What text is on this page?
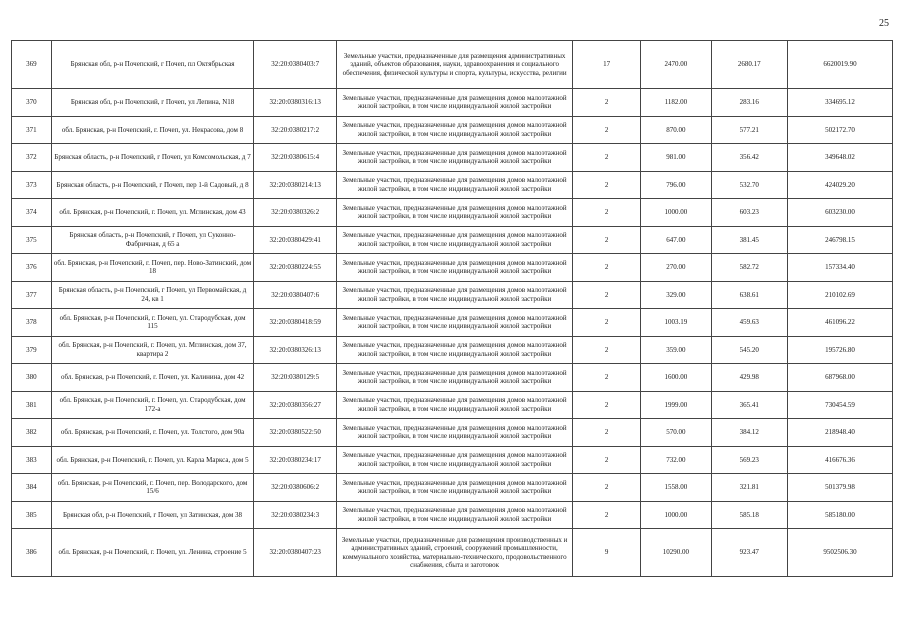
25
369	Брянская обл, р-н Почепский, г Почеп, пл Октябрьская	32:20:0380403:7	Земельные участки, предназначенные для размещения административных зданий, объектов образования, науки, здравоохранения и социального обеспечения, физической культуры и спорта, культуры, искусства, религии	17	2470.00	2680.17	6620019.90
370	Брянская обл, р-н Почепский, г Почеп, ул Лепина, N18	32:20:0380316:13	Земельные участки, предназначенные для размещения домов малоэтажной жилой застройки, в том числе индивидуальной жилой застройки	2	1182.00	283.16	334695.12
371	обл. Брянская, р-н Почепский, г. Почеп, ул. Некрасова, дом 8	32:20:0380217:2	Земельные участки, предназначенные для размещения домов малоэтажной жилой застройки, в том числе индивидуальной жилой застройки	2	870.00	577.21	502172.70
372	Брянская область, р-н Почепский, г Почеп, ул Комсомольская, д 7	32:20:0380615:4	Земельные участки, предназначенные для размещения домов малоэтажной жилой застройки, в том числе индивидуальной жилой застройки	2	981.00	356.42	349648.02
373	Брянская область, р-н Почепский, г Почеп, пер 1-й Садовый, д 8	32:20:0380214:13	Земельные участки, предназначенные для размещения домов малоэтажной жилой застройки, в том числе индивидуальной жилой застройки	2	796.00	532.70	424029.20
374	обл. Брянская, р-н Почепский, г. Почеп, ул. Мглинская, дом 43	32:20:0380326:2	Земельные участки, предназначенные для размещения домов малоэтажной жилой застройки, в том числе индивидуальной жилой застройки	2	1000.00	603.23	603230.00
375	Брянская область, р-н Почепский, г Почеп, ул Суконно-Фабричная, д 65 а	32:20:0380429:41	Земельные участки, предназначенные для размещения домов малоэтажной жилой застройки, в том числе индивидуальной жилой застройки	2	647.00	381.45	246798.15
376	обл. Брянская, р-н Почепский, г. Почеп, пер. Ново-Затинский, дом 18	32:20:0380224:55	Земельные участки, предназначенные для размещения домов малоэтажной жилой застройки, в том числе индивидуальной жилой застройки	2	270.00	582.72	157334.40
377	Брянская область, р-н Почепский, г Почеп, ул Первомайская, д 24, кв 1	32:20:0380407:6	Земельные участки, предназначенные для размещения домов малоэтажной жилой застройки, в том числе индивидуальной жилой застройки	2	329.00	638.61	210102.69
378	обл. Брянская, р-н Почепский, г. Почеп, ул. Стародубская, дом 115	32:20:0380418:59	Земельные участки, предназначенные для размещения домов малоэтажной жилой застройки, в том числе индивидуальной жилой застройки	2	1003.19	459.63	461096.22
379	обл. Брянская, р-н Почепский, г. Почеп, ул. Мглинская, дом 37, квартира 2	32:20:0380326:13	Земельные участки, предназначенные для размещения домов малоэтажной жилой застройки, в том числе индивидуальной жилой застройки	2	359.00	545.20	195726.80
380	обл. Брянская, р-н Почепский, г. Почеп, ул. Калинина, дом 42	32:20:0380129:5	Земельные участки, предназначенные для размещения домов малоэтажной жилой застройки, в том числе индивидуальной жилой застройки	2	1600.00	429.98	687968.00
381	обл. Брянская, р-н Почепский, г. Почеп, ул. Стародубская, дом 172-а	32:20:0380356:27	Земельные участки, предназначенные для размещения домов малоэтажной жилой застройки, в том числе индивидуальной жилой застройки	2	1999.00	365.41	730454.59
382	обл. Брянская, р-н Почепский, г. Почеп, ул. Толстого, дом 90а	32:20:0380522:50	Земельные участки, предназначенные для размещения домов малоэтажной жилой застройки, в том числе индивидуальной жилой застройки	2	570.00	384.12	218948.40
383	обл. Брянская, р-н Почепский, г. Почеп, ул. Карла Маркса, дом 5	32:20:0380234:17	Земельные участки, предназначенные для размещения домов малоэтажной жилой застройки, в том числе индивидуальной жилой застройки	2	732.00	569.23	416676.36
384	обл. Брянская, р-н Почепский, г. Почеп, пер. Володарского, дом 15/6	32:20:0380606:2	Земельные участки, предназначенные для размещения домов малоэтажной жилой застройки, в том числе индивидуальной жилой застройки	2	1558.00	321.81	501379.98
385	Брянская обл, р-н Почепский, г Почеп, ул Затинская, дом 38	32:20:0380234:3	Земельные участки, предназначенные для размещения домов малоэтажной жилой застройки, в том числе индивидуальной жилой застройки	2	1000.00	585.18	585180.00
386	обл. Брянская, р-н Почепский, г. Почеп, ул. Ленина, строение 5	32:20:0380407:23	Земельные участки, предназначенные для размещения производственных и административных зданий, строений, сооружений промышленности, коммунального хозяйства, материально-технического, продовольственного снабжения, сбыта и заготовок	9	10290.00	923.47	9502506.30
